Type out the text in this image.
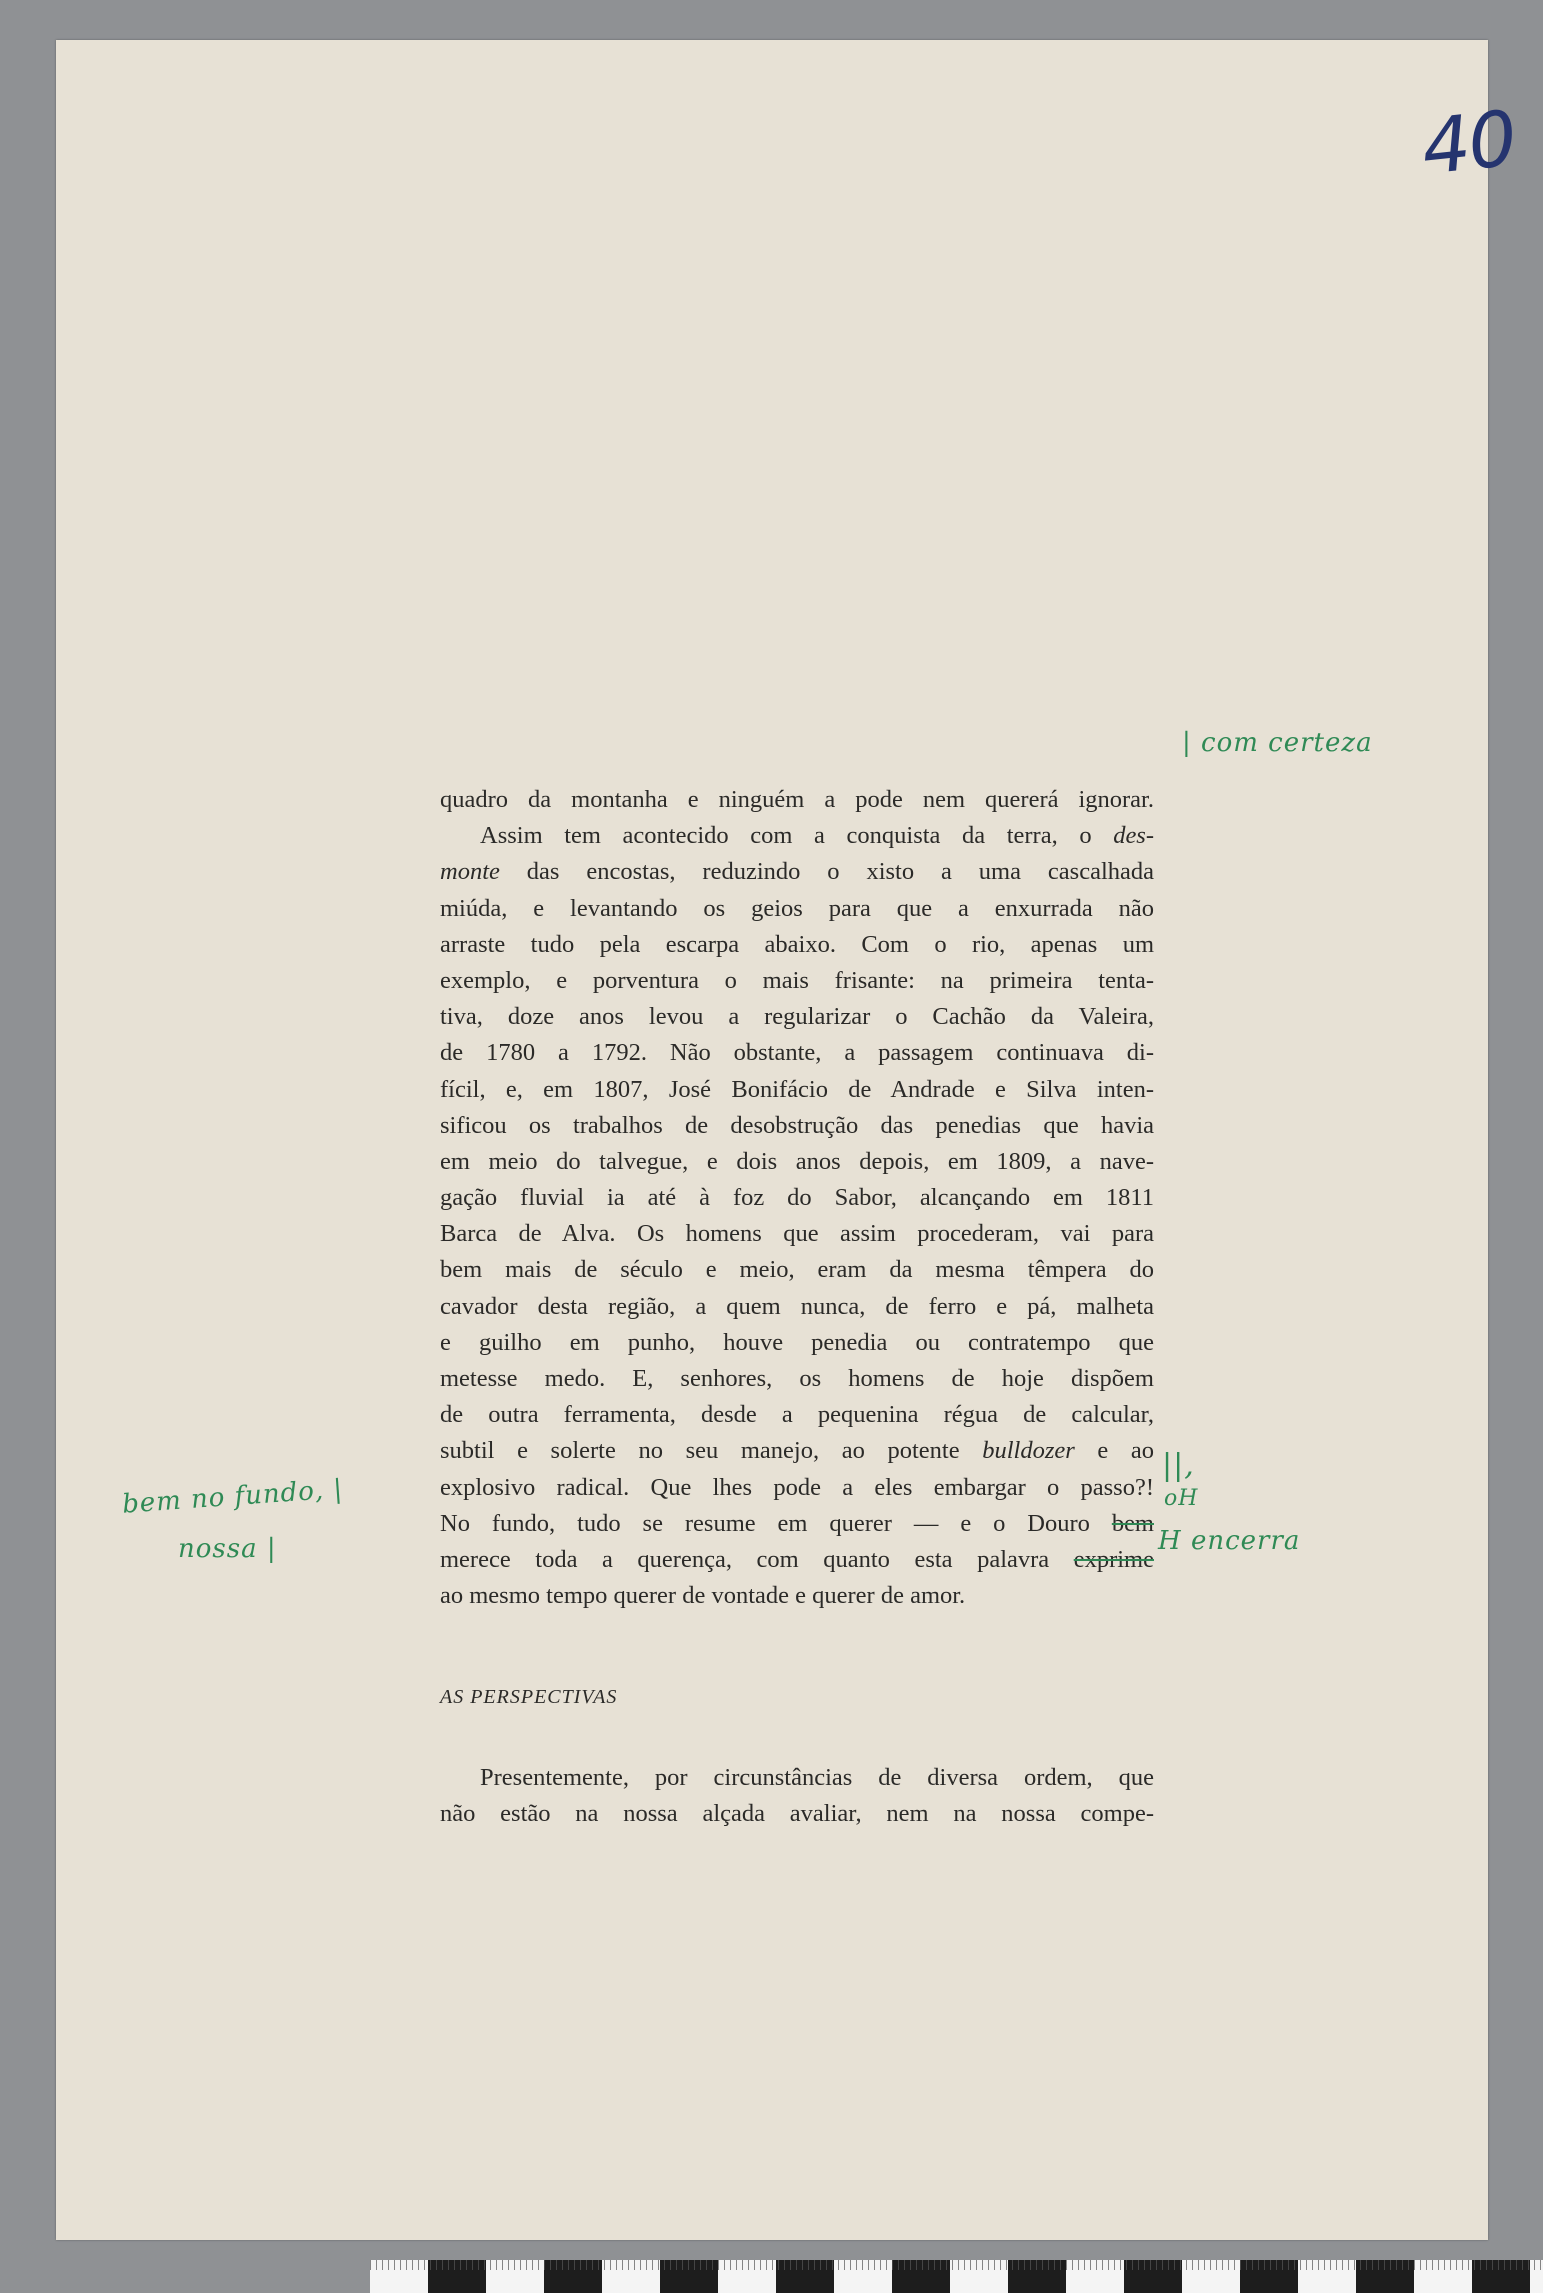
40
quadro da montanha e ninguém a pode nem quererá ignorar.
Assim tem acontecido com a conquista da terra, o des-
monte das encostas, reduzindo o xisto a uma cascalhada
miúda, e levantando os geios para que a enxurrada não
arraste tudo pela escarpa abaixo. Com o rio, apenas um
exemplo, e porventura o mais frisante: na primeira tenta-
tiva, doze anos levou a regularizar o Cachão da Valeira,
de 1780 a 1792. Não obstante, a passagem continuava di-
fícil, e, em 1807, José Bonifácio de Andrade e Silva inten-
sificou os trabalhos de desobstrução das penedias que havia
em meio do talvegue, e dois anos depois, em 1809, a nave-
gação fluvial ia até à foz do Sabor, alcançando em 1811
Barca de Alva. Os homens que assim procederam, vai para
bem mais de século e meio, eram da mesma têmpera do
cavador desta região, a quem nunca, de ferro e pá, malheta
e guilho em punho, houve penedia ou contratempo que
metesse medo. E, senhores, os homens de hoje dispõem
de outra ferramenta, desde a pequenina régua de calcular,
subtil e solerte no seu manejo, ao potente bulldozer e ao
explosivo radical. Que lhes pode a eles embargar o passo?!
No fundo, tudo se resume em querer — e o Douro bem
merece toda a querença, com quanto esta palavra exprime
ao mesmo tempo querer de vontade e querer de amor.
AS PERSPECTIVAS
Presentemente, por circunstâncias de diversa ordem, que
não estão na nossa alçada avaliar, nem na nossa compe-
| com certeza
||,
oH
H encerra
bem no fundo, |
nossa |
